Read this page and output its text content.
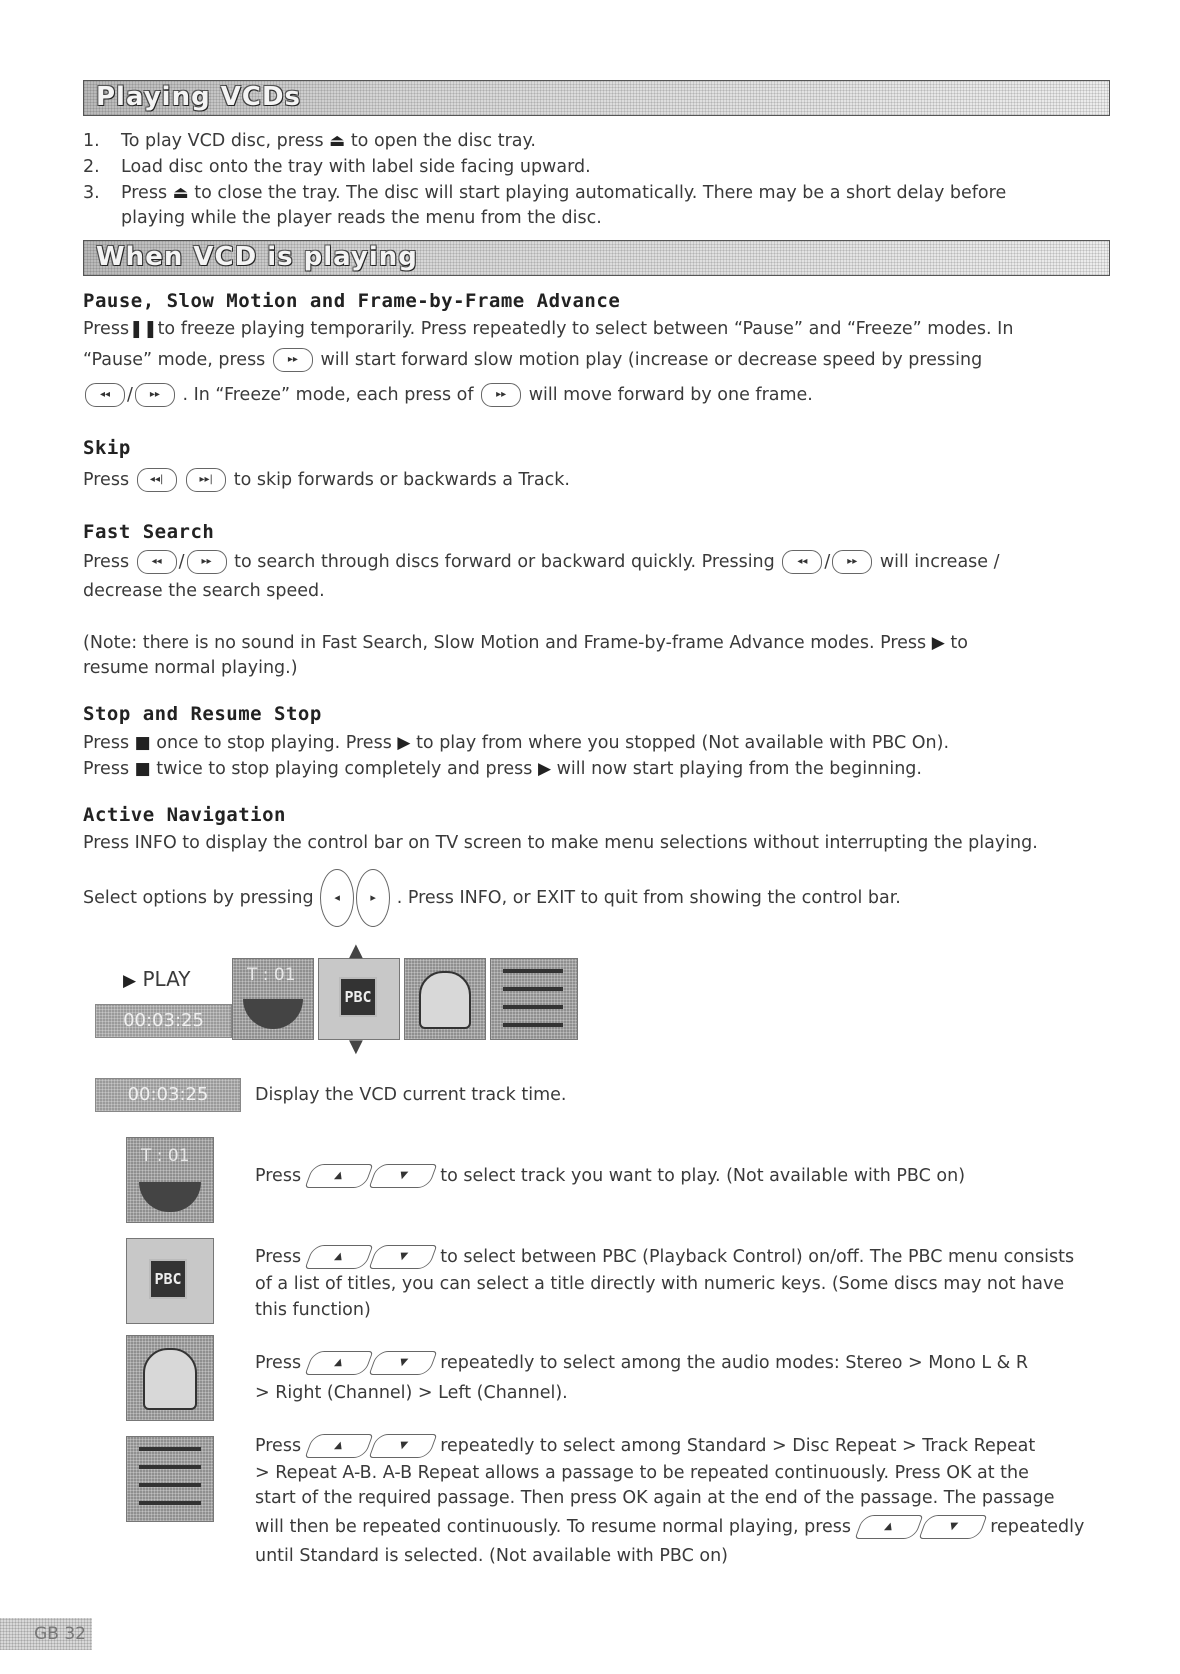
Playing VCDs
1. To play VCD disc, press ⏏ to open the disc tray.
2. Load disc onto the tray with label side facing upward.
3. Press ⏏ to close the tray. The disc will start playing automatically. There may be a short delay before
playing while the player reads the menu from the disc.
When VCD is playing
Pause, Slow Motion and Frame-by-Frame Advance
Press❚❚to freeze playing temporarily. Press repeatedly to select between “Pause” and “Freeze” modes. In
“Pause” mode, press ▸▸ will start forward slow motion play (increase or decrease speed by pressing
◂◂ / ▸▸ . In “Freeze” mode, each press of ▸▸ will move forward by one frame.
Skip
Press ◂◂|	▸▸| to skip forwards or backwards a Track.
Fast Search
Press ◂◂ / ▸▸ to search through discs forward or backward quickly. Pressing ◂◂ / ▸▸ will increase /
decrease the search speed.
(Note: there is no sound in Fast Search, Slow Motion and Frame-by-frame Advance modes. Press ▶ to
resume normal playing.)
Stop and Resume Stop
Press ■ once to stop playing. Press ▶ to play from where you stopped (Not available with PBC On).
Press ■ twice to stop playing completely and press ▶ will now start playing from the beginning.
Active Navigation
Press INFO to display the control bar on TV screen to make menu selections without interrupting the playing.
Select options by pressing ◂	▸ . Press INFO, or EXIT to quit from showing the control bar.
▶ PLAY
00:03:25
T : 01
PBC
▲
▼
00:03:25	Display the VCD current track time.
T : 01
Press	▲	▼ to select track you want to play. (Not available with PBC on)
PBC
Press	▲	▼ to select between PBC (Playback Control) on/off. The PBC menu consists
of a list of titles, you can select a title directly with numeric keys. (Some discs may not have
this function)
Press	▲	▼ repeatedly to select among the audio modes: Stereo > Mono L & R
> Right (Channel) > Left (Channel).
Press	▲	▼ repeatedly to select among Standard > Disc Repeat > Track Repeat
> Repeat A-B. A-B Repeat allows a passage to be repeated continuously. Press OK at the
start of the required passage. Then press OK again at the end of the passage. The passage
will then be repeated continuously. To resume normal playing, press	▲	▼ repeatedly
until Standard is selected. (Not available with PBC on)
GB 32
